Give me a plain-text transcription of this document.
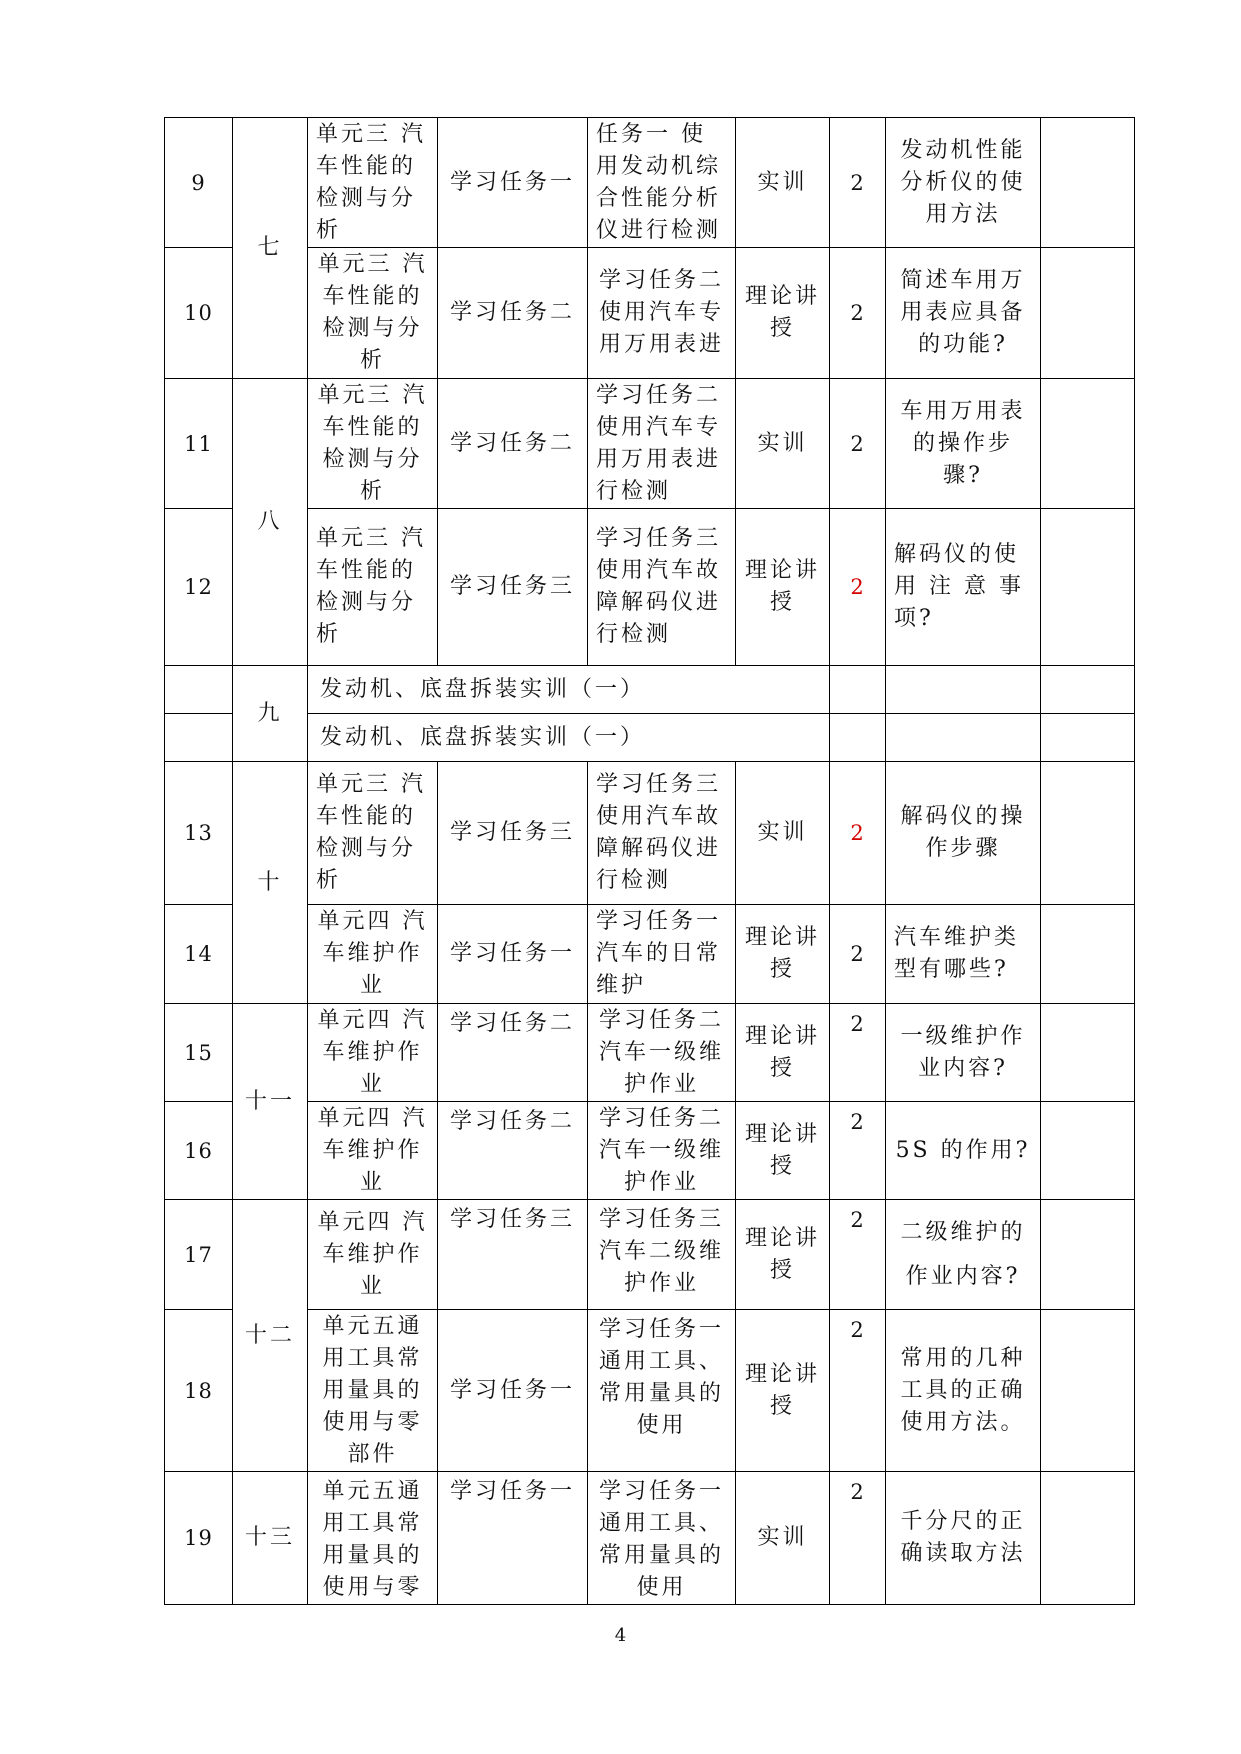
9	七	单元三 汽车性能的检测与分析	学习任务一	任务一 使用发动机综合性能分析仪进行检测	实训	2	发动机性能分析仪的使用方法	
10		单元三 汽车性能的检测与分析	学习任务二	学习任务二使用汽车专用万用表进	理论讲授	2	简述车用万用表应具备的功能?	
11	八	单元三 汽车性能的检测与分析	学习任务二	学习任务二使用汽车专用万用表进行检测	实训	2	车用万用表的操作步骤?	
12		单元三 汽车性能的检测与分析	学习任务三	学习任务三使用汽车故障解码仪进行检测	理论讲授	2	解码仪的使用 注 意 事项?	
	九	发动机、底盘拆装实训（一）						
		发动机、底盘拆装实训（一）						
13	十	单元三 汽车性能的检测与分析	学习任务三	学习任务三使用汽车故障解码仪进行检测	实训	2	解码仪的操作步骤	
14		单元四 汽车维护作业	学习任务一	学习任务一汽车的日常维护	理论讲授	2	汽车维护类型有哪些?	
15	十一	单元四 汽车维护作业	学习任务二	学习任务二汽车一级维护作业	理论讲授	2	一级维护作业内容?	
16		单元四 汽车维护作业	学习任务二	学习任务二汽车一级维护作业	理论讲授	2	5S 的作用?	
17	十二	单元四 汽车维护作业	学习任务三	学习任务三汽车二级维护作业	理论讲授	2	二级维护的作业内容?	
18		单元五通用工具常用量具的使用与零部件	学习任务一	学习任务一通用工具、常用量具的使用	理论讲授	2	常用的几种工具的正确使用方法。	
19	十三	单元五通用工具常用量具的使用与零	学习任务一	学习任务一通用工具、常用量具的使用	实训	2	千分尺的正确读取方法	
4
